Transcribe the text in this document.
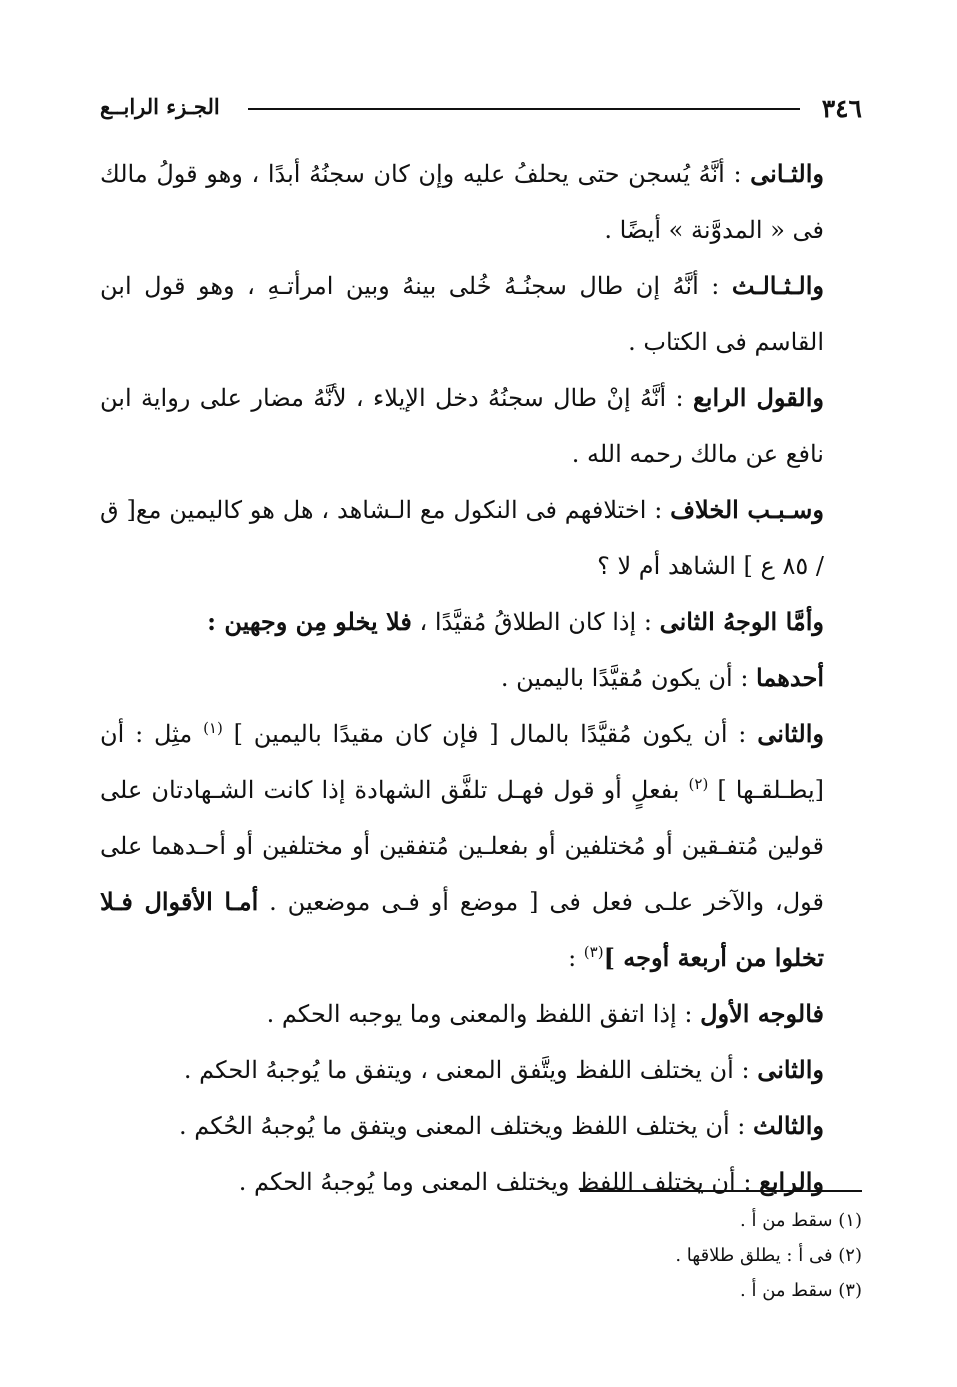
٣٤٦
الجـزء الرابــع

والثـانى : أنَّهُ يُسجن حتى يحلفُ عليه وإن كان سجنُهُ أبدًا ، وهو قولُ مالك فى « المدوَّنة » أيضًا .

والـثـالـث : أنَّهُ إن طال سجنُـهُ خُلى بينهُ وبين امرأتـهِ ، وهو قول ابن القاسم فى الكتاب .

والقول الرابع : أنَّهُ إنْ طال سجنُهُ دخل الإيلاء ، لأنَّهُ مضار على رواية ابن نافع عن مالك رحمه الله .

وسـبـب الخلاف : اختلافهم فى النكول مع الـشاهد ، هل هو كاليمين مع[ ق / ٨٥ ع ] الشاهد أم لا ؟

وأمَّا الوجهُ الثانى : إذا كان الطلاقُ مُقيَّدًا ، فلا يخلو مِن وجهين :

أحدهما : أن يكون مُقيَّدًا باليمين .

والثانى : أن يكون مُقيَّدًا بالمال [ فإن كان مقيدًا باليمين ] $^{(١)}$ مثِل : أن [يطـلقـها ] $^{(٢)}$ بفعلٍ أو قول فهـل تلفَّق الشهادة إذا كانت الشـهادتان على قولين مُتفـقين أو مُختلفين أو بفعلـين مُتفقين أو مختلفين أو أحـدهما على قول، والآخر علـى فعل فى [ موضع أو فـى موضعين . أمـا الأقوال فـلا تخلوا من أربعة أوجه ]$^{(٣)}$ :

فالوجه الأول : إذا اتفق اللفظ والمعنى وما يوجبه الحكم .

والثانى : أن يختلف اللفظ ويتَّفق المعنى ، ويتفق ما يُوجبهُ الحكم .

والثالث : أن يختلف اللفظ ويختلف المعنى ويتفق ما يُوجبهُ الحُكم .

والرابع : أن يختلف اللفظ ويختلف المعنى وما يُوجبهُ الحكم .

(١) سقط من أ .

(٢) فى أ : يطلق طلاقها .

(٣) سقط من أ .
